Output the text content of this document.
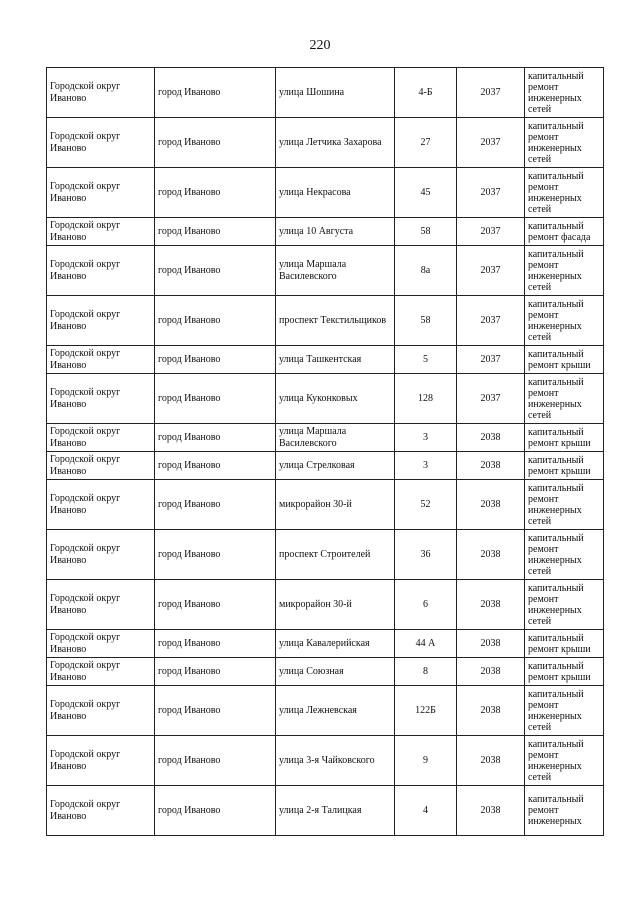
220
Городской округ Иваново	город Иваново	улица Шошина	4-Б	2037	капитальный ремонт инженерных сетей
Городской округ Иваново	город Иваново	улица Летчика Захарова	27	2037	капитальный ремонт инженерных сетей
Городской округ Иваново	город Иваново	улица Некрасова	45	2037	капитальный ремонт инженерных сетей
Городской округ Иваново	город Иваново	улица 10 Августа	58	2037	капитальный ремонт фасада
Городской округ Иваново	город Иваново	улица Маршала Василевского	8а	2037	капитальный ремонт инженерных сетей
Городской округ Иваново	город Иваново	проспект Текстильщиков	58	2037	капитальный ремонт инженерных сетей
Городской округ Иваново	город Иваново	улица Ташкентская	5	2037	капитальный ремонт крыши
Городской округ Иваново	город Иваново	улица Куконковых	128	2037	капитальный ремонт инженерных сетей
Городской округ Иваново	город Иваново	улица Маршала Василевского	3	2038	капитальный ремонт крыши
Городской округ Иваново	город Иваново	улица Стрелковая	3	2038	капитальный ремонт крыши
Городской округ Иваново	город Иваново	микрорайон 30-й	52	2038	капитальный ремонт инженерных сетей
Городской округ Иваново	город Иваново	проспект Строителей	36	2038	капитальный ремонт инженерных сетей
Городской округ Иваново	город Иваново	микрорайон 30-й	6	2038	капитальный ремонт инженерных сетей
Городской округ Иваново	город Иваново	улица Кавалерийская	44 А	2038	капитальный ремонт крыши
Городской округ Иваново	город Иваново	улица Союзная	8	2038	капитальный ремонт крыши
Городской округ Иваново	город Иваново	улица Лежневская	122Б	2038	капитальный ремонт инженерных сетей
Городской округ Иваново	город Иваново	улица 3-я Чайковского	9	2038	капитальный ремонт инженерных сетей
Городской округ Иваново	город Иваново	улица 2-я Талицкая	4	2038	капитальный ремонт инженерных
